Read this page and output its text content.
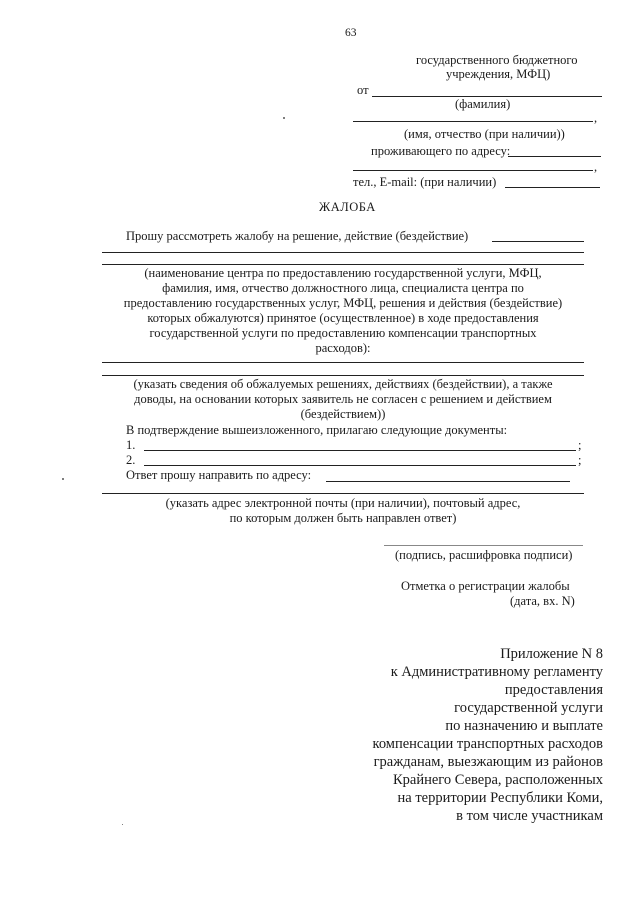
63
государственного бюджетного
учреждения, МФЦ)
от
(фамилия)
,
(имя, отчество (при наличии))
проживающего по адресу:
,
тел., E-mail: (при наличии)
ЖАЛОБА
Прошу рассмотреть жалобу на решение, действие (бездействие)
(наименование центра по предоставлению государственной услуги, МФЦ,
фамилия, имя, отчество должностного лица, специалиста центра по
предоставлению государственных услуг, МФЦ, решения и действия (бездействие)
которых обжалуются) принятое (осуществленное) в ходе предоставления
государственной услуги по предоставлению компенсации транспортных
расходов):
(указать сведения об обжалуемых решениях, действиях (бездействии), а также
доводы, на основании которых заявитель не согласен с решением и действием
(бездействием))
В подтверждение вышеизложенного, прилагаю следующие документы:
1.	;
2.	;
Ответ прошу направить по адресу:
(указать адрес электронной почты (при наличии), почтовый адрес,
по которым должен быть направлен ответ)
(подпись, расшифровка подписи)
Отметка о регистрации жалобы
(дата, вх. N)
Приложение N 8
к Административному регламенту
предоставления
государственной услуги
по назначению и выплате
компенсации транспортных расходов
гражданам, выезжающим из районов
Крайнего Севера, расположенных
на территории Республики Коми,
в том числе участникам
